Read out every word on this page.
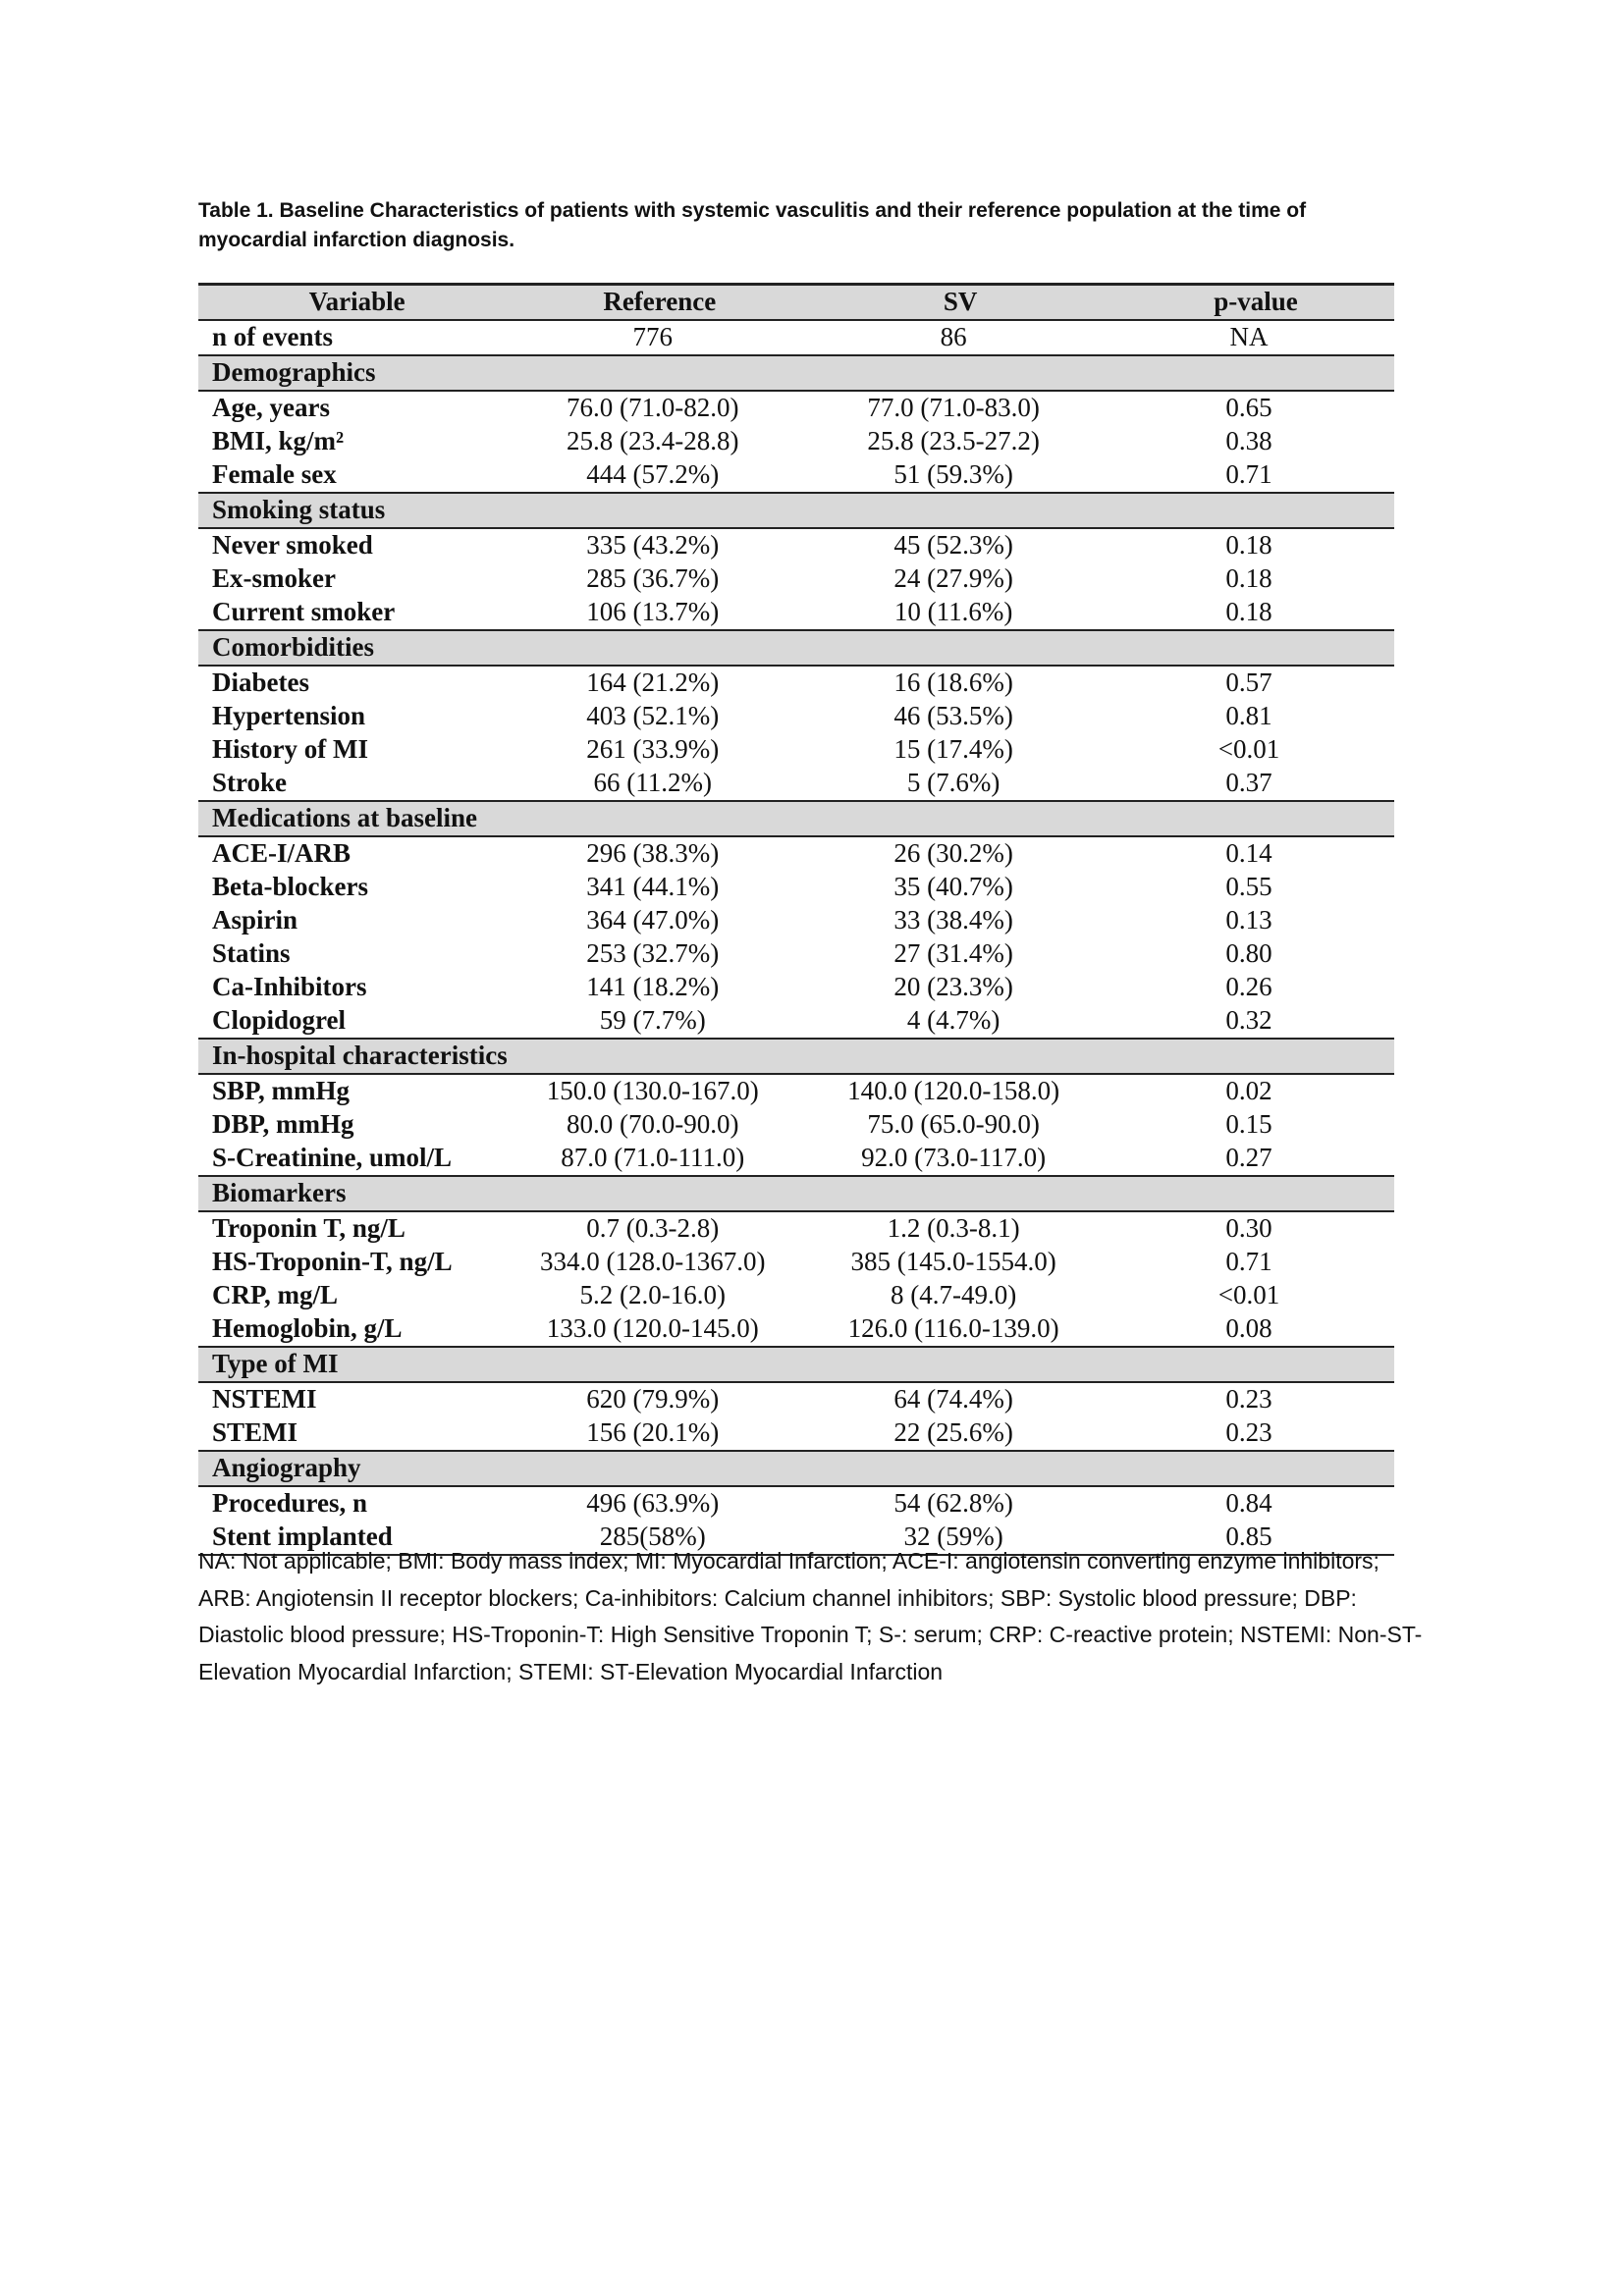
Table 1. Baseline Characteristics of patients with systemic vasculitis and their reference population at the time of myocardial infarction diagnosis.
Variable	Reference	SV	p-value
n of events	776	86	NA
Demographics			
Age, years	76.0 (71.0-82.0)	77.0 (71.0-83.0)	0.65
BMI, kg/m²	25.8 (23.4-28.8)	25.8 (23.5-27.2)	0.38
Female sex	444 (57.2%)	51 (59.3%)	0.71
Smoking status			
Never smoked	335 (43.2%)	45 (52.3%)	0.18
Ex-smoker	285 (36.7%)	24 (27.9%)	0.18
Current smoker	106 (13.7%)	10 (11.6%)	0.18
Comorbidities			
Diabetes	164 (21.2%)	16 (18.6%)	0.57
Hypertension	403 (52.1%)	46 (53.5%)	0.81
History of MI	261 (33.9%)	15 (17.4%)	<0.01
Stroke	66 (11.2%)	5 (7.6%)	0.37
Medications at baseline			
ACE-I/ARB	296 (38.3%)	26 (30.2%)	0.14
Beta-blockers	341 (44.1%)	35 (40.7%)	0.55
Aspirin	364 (47.0%)	33 (38.4%)	0.13
Statins	253 (32.7%)	27 (31.4%)	0.80
Ca-Inhibitors	141 (18.2%)	20 (23.3%)	0.26
Clopidogrel	59 (7.7%)	4 (4.7%)	0.32
In-hospital characteristics			
SBP, mmHg	150.0 (130.0-167.0)	140.0 (120.0-158.0)	0.02
DBP, mmHg	80.0 (70.0-90.0)	75.0 (65.0-90.0)	0.15
S-Creatinine, umol/L	87.0 (71.0-111.0)	92.0 (73.0-117.0)	0.27
Biomarkers			
Troponin T, ng/L	0.7 (0.3-2.8)	1.2 (0.3-8.1)	0.30
HS-Troponin-T, ng/L	334.0 (128.0-1367.0)	385 (145.0-1554.0)	0.71
CRP, mg/L	5.2 (2.0-16.0)	8 (4.7-49.0)	<0.01
Hemoglobin, g/L	133.0 (120.0-145.0)	126.0 (116.0-139.0)	0.08
Type of MI			
NSTEMI	620 (79.9%)	64 (74.4%)	0.23
STEMI	156 (20.1%)	22 (25.6%)	0.23
Angiography			
Procedures, n	496 (63.9%)	54 (62.8%)	0.84
Stent implanted	285(58%)	32 (59%)	0.85
NA: Not applicable; BMI: Body mass index; MI: Myocardial Infarction; ACE-I: angiotensin converting enzyme inhibitors; ARB: Angiotensin II receptor blockers; Ca-inhibitors: Calcium channel inhibitors; SBP: Systolic blood pressure; DBP: Diastolic blood pressure; HS-Troponin-T: High Sensitive Troponin T; S-: serum; CRP: C-reactive protein; NSTEMI: Non-ST-Elevation Myocardial Infarction; STEMI: ST-Elevation Myocardial Infarction
